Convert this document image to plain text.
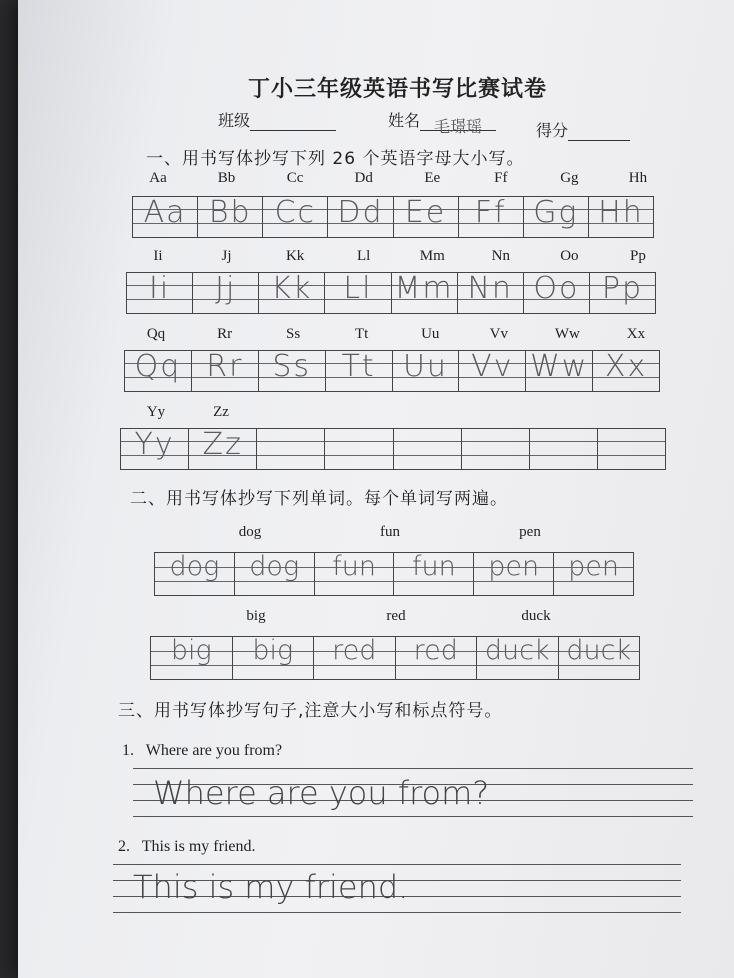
丁小三年级英语书写比赛试卷
班级	姓名 毛璟瑶	得分
一、用书写体抄写下列 26 个英语字母大小写。
Aa	Bb	Cc	Dd	Ee	Ff	Gg	Hh
Aa Bb Cc Dd Ee Ff Gg Hh
Ii	Jj	Kk	Ll	Mm	Nn	Oo	Pp
Ii	Jj	Kk	Ll Mm Nn Oo Pp
Qq	Rr	Ss	Tt	Uu	Vv	Ww	Xx
Qq Rr Ss	Tt Uu Vv Ww Xx
Yy	Zz
Yy Zz
二、用书写体抄写下列单词。每个单词写两遍。
dog	fun	pen
dog	dog	fun	fun	pen	pen
big	red	duck
big	big	red	red	duck duck
三、用书写体抄写句子,注意大小写和标点符号。
1. Where are you from?
Where are you from?
2. This is my friend.
This is my friend.
